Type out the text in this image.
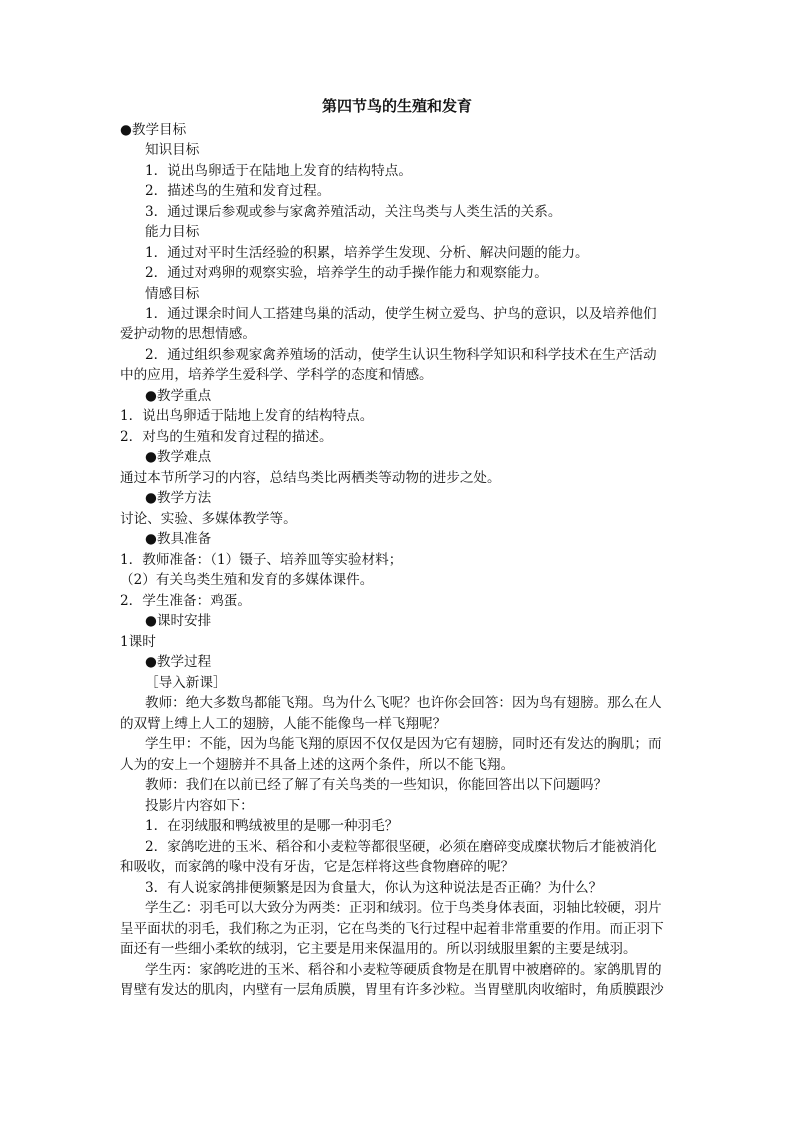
第四节鸟的生殖和发育
●教学目标
知识目标
1．说出鸟卵适于在陆地上发育的结构特点。
2．描述鸟的生殖和发育过程。
3．通过课后参观或参与家禽养殖活动，关注鸟类与人类生活的关系。
能力目标
1．通过对平时生活经验的积累，培养学生发现、分析、解决问题的能力。
2．通过对鸡卵的观察实验，培养学生的动手操作能力和观察能力。
情感目标
1．通过课余时间人工搭建鸟巢的活动，使学生树立爱鸟、护鸟的意识，以及培养他们
爱护动物的思想情感。
2．通过组织参观家禽养殖场的活动，使学生认识生物科学知识和科学技术在生产活动
中的应用，培养学生爱科学、学科学的态度和情感。
●教学重点
1．说出鸟卵适于陆地上发育的结构特点。
2．对鸟的生殖和发育过程的描述。
●教学难点
通过本节所学习的内容，总结鸟类比两栖类等动物的进步之处。
●教学方法
讨论、实验、多媒体教学等。
●教具准备
1．教师准备：（1）镊子、培养皿等实验材料；
（2）有关鸟类生殖和发育的多媒体课件。
2．学生准备：鸡蛋。
●课时安排
1课时
●教学过程
［导入新课］
教师：绝大多数鸟都能飞翔。鸟为什么飞呢？也许你会回答：因为鸟有翅膀。那么在人
的双臂上缚上人工的翅膀，人能不能像鸟一样飞翔呢？
学生甲：不能，因为鸟能飞翔的原因不仅仅是因为它有翅膀，同时还有发达的胸肌；而
人为的安上一个翅膀并不具备上述的这两个条件，所以不能飞翔。
教师：我们在以前已经了解了有关鸟类的一些知识，你能回答出以下问题吗？
投影片内容如下：
1．在羽绒服和鸭绒被里的是哪一种羽毛？
2．家鸽吃进的玉米、稻谷和小麦粒等都很坚硬，必须在磨碎变成糜状物后才能被消化
和吸收，而家鸽的喙中没有牙齿，它是怎样将这些食物磨碎的呢？
3．有人说家鸽排便频繁是因为食量大，你认为这种说法是否正确？为什么？
学生乙：羽毛可以大致分为两类：正羽和绒羽。位于鸟类身体表面，羽轴比较硬，羽片
呈平面状的羽毛，我们称之为正羽，它在鸟类的飞行过程中起着非常重要的作用。而正羽下
面还有一些细小柔软的绒羽，它主要是用来保温用的。所以羽绒服里絮的主要是绒羽。
学生丙：家鸽吃进的玉米、稻谷和小麦粒等硬质食物是在肌胃中被磨碎的。家鸽肌胃的
胃壁有发达的肌肉，内壁有一层角质膜，胃里有许多沙粒。当胃壁肌肉收缩时，角质膜跟沙
